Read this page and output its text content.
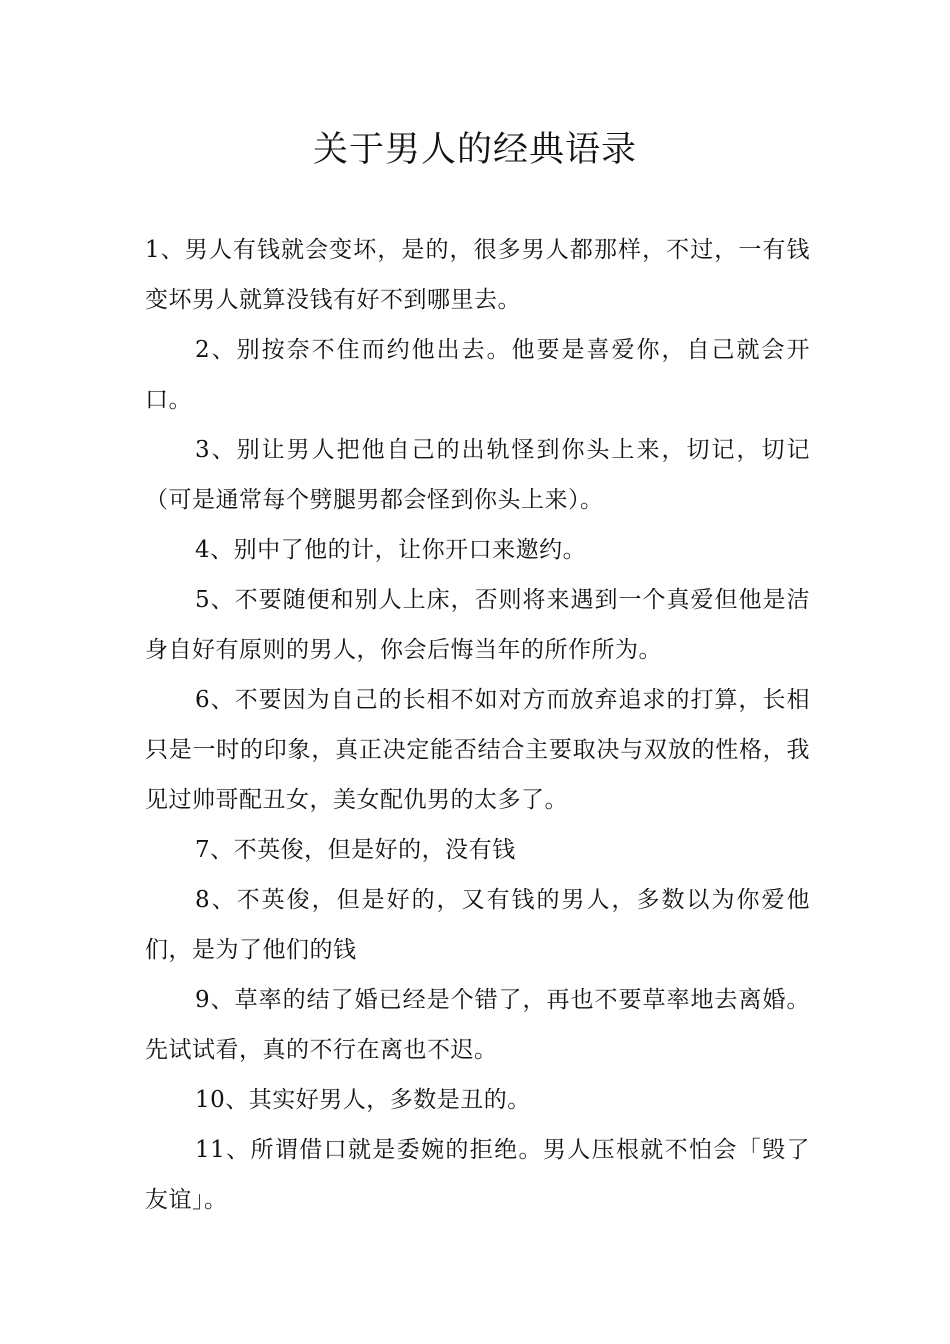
关于男人的经典语录

1、男人有钱就会变坏，是的，很多男人都那样，不过，一有钱变坏男人就算没钱有好不到哪里去。

2、别按奈不住而约他出去。他要是喜爱你，自己就会开口。

3、别让男人把他自己的出轨怪到你头上来，切记，切记（可是通常每个劈腿男都会怪到你头上来）。

4、别中了他的计，让你开口来邀约。

5、不要随便和别人上床，否则将来遇到一个真爱但他是洁身自好有原则的男人，你会后悔当年的所作所为。

6、不要因为自己的长相不如对方而放弃追求的打算，长相只是一时的印象，真正决定能否结合主要取决与双放的性格，我见过帅哥配丑女，美女配仇男的太多了。

7、不英俊，但是好的，没有钱

8、不英俊，但是好的，又有钱的男人，多数以为你爱他们，是为了他们的钱

9、草率的结了婚已经是个错了，再也不要草率地去离婚。先试试看，真的不行在离也不迟。

10、其实好男人，多数是丑的。

11、所谓借口就是委婉的拒绝。男人压根就不怕会「毁了友谊」。
